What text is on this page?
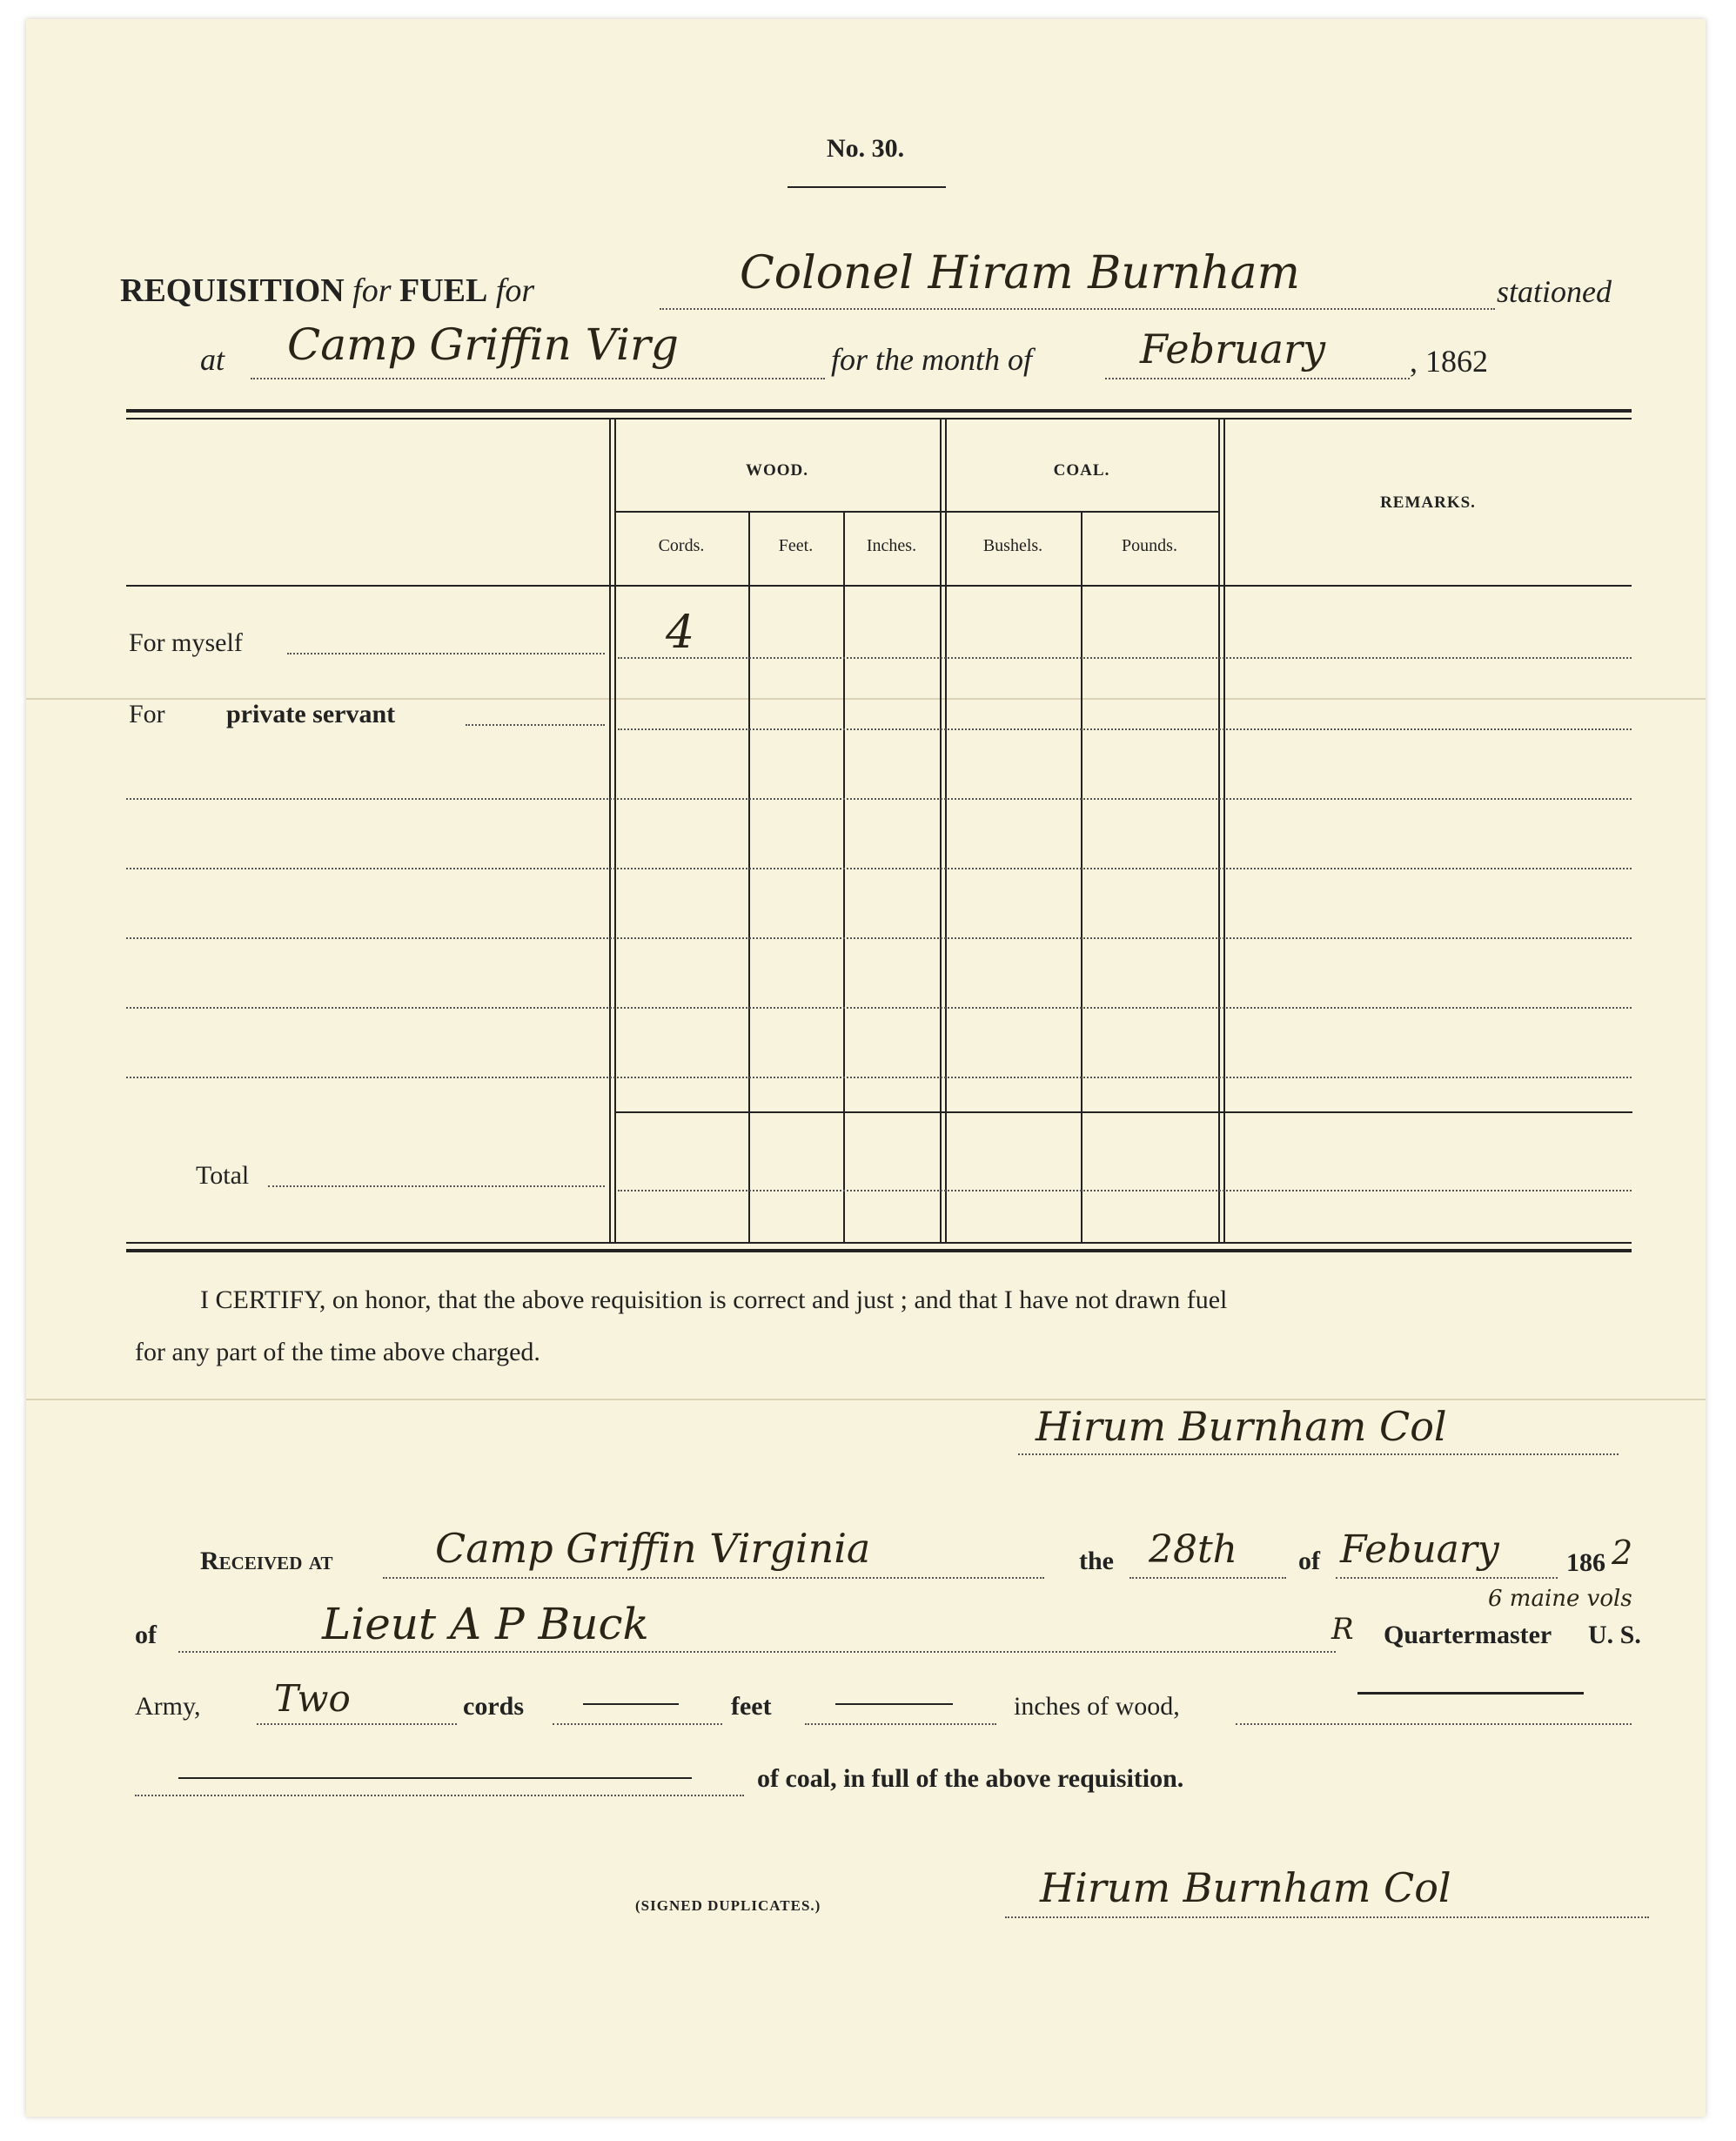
No. 30.
REQUISITION for FUEL for	Colonel Hiram Burnham	stationed
at Camp Griffin Virg	for the month of	February	, 1862
WOOD.	COAL.
REMARKS.
Cords.	Feet.	Inches.	Bushels.	Pounds.
For myself	4
For private servant
Total
I CERTIFY, on honor, that the above requisition is correct and just ; and that I have not drawn fuel
for any part of the time above charged.
Hirum Burnham Col
Received at	Camp Griffin Virginia	the 28th of Febuary	186 2
of	Lieut A P Buck	R Quartermaster U. S.
6 maine vols
Army, Two	cords	feet	inches of wood,
of coal, in full of the above requisition.
(SIGNED DUPLICATES.)	Hirum Burnham Col
